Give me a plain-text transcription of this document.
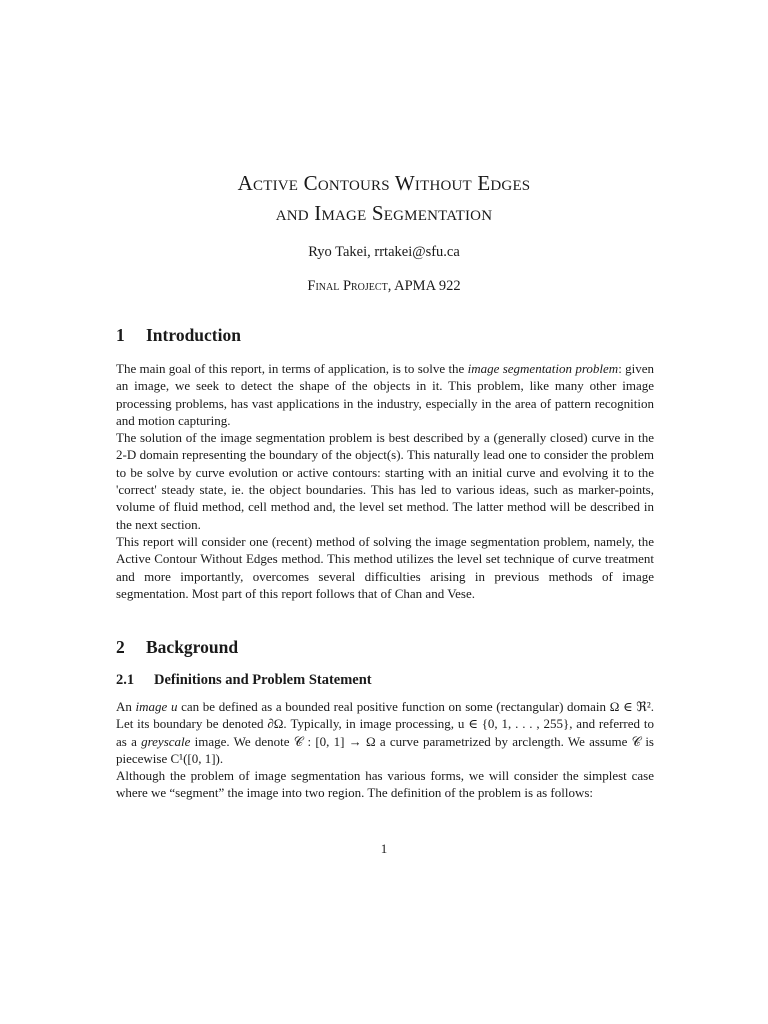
Active Contours Without Edges
and Image Segmentation
Ryo Takei, rrtakei@sfu.ca
Final Project, APMA 922
1 Introduction

The main goal of this report, in terms of application, is to solve the image segmentation problem: given an image, we seek to detect the shape of the objects in it. This problem, like many other image processing problems, has vast applications in the industry, especially in the area of pattern recognition and motion capturing.

The solution of the image segmentation problem is best described by a (generally closed) curve in the 2-D domain representing the boundary of the object(s). This naturally lead one to consider the problem to be solve by curve evolution or active contours: starting with an initial curve and evolving it to the 'correct' steady state, ie. the object boundaries. This has led to various ideas, such as marker-points, volume of fluid method, cell method and, the level set method. The latter method will be described in the next section.

This report will consider one (recent) method of solving the image segmentation problem, namely, the Active Contour Without Edges method. This method utilizes the level set technique of curve treatment and more importantly, overcomes several difficulties arising in previous methods of image segmentation. Most part of this report follows that of Chan and Vese.

2 Background
2.1 Definitions and Problem Statement

An image u can be defined as a bounded real positive function on some (rectangular) domain Ω ∈ ℜ². Let its boundary be denoted ∂Ω. Typically, in image processing, u ∈ {0, 1, . . . , 255}, and referred to as a greyscale image. We denote 𝒞 : [0, 1] → Ω a curve parametrized by arclength. We assume 𝒞 is piecewise C¹([0, 1]).

Although the problem of image segmentation has various forms, we will consider the simplest case where we “segment” the image into two region. The definition of the problem is as follows:

1
